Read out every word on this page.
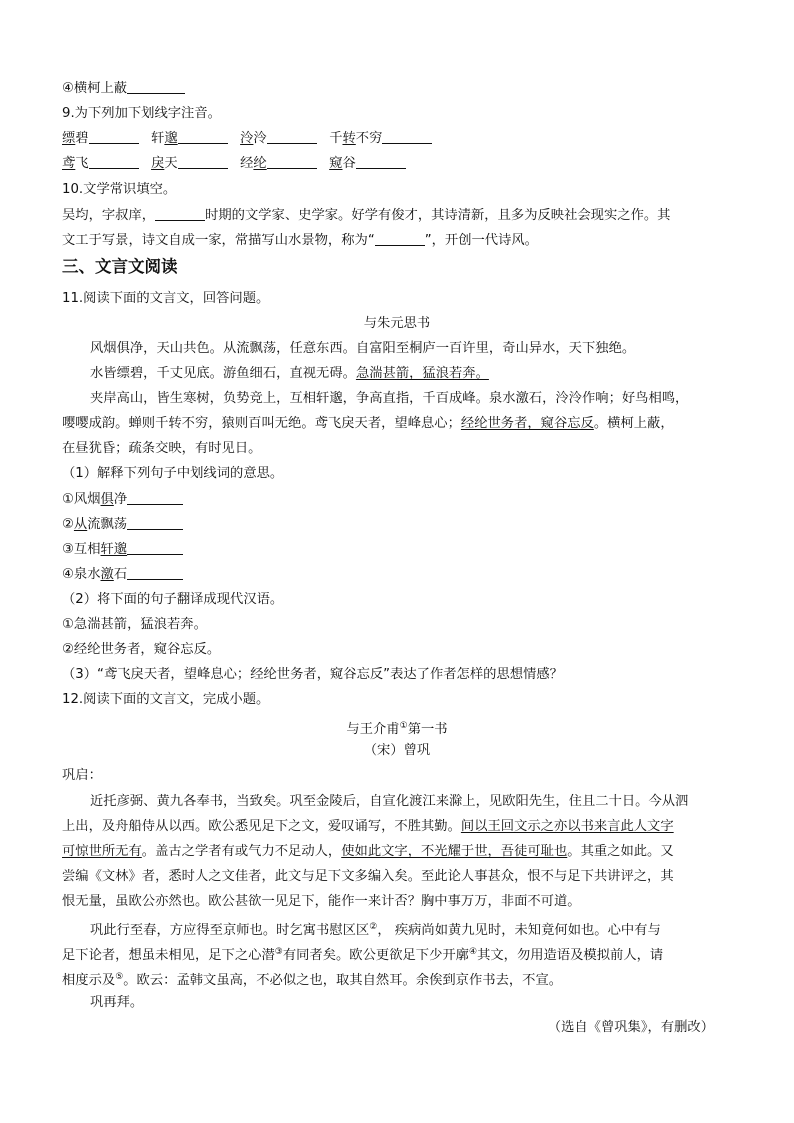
④横柯上蔽
9.为下列加下划线字注音。
缥碧	轩邈	泠泠	千转不穷
鸢飞	戾天	经纶	窥谷
10.文学常识填空。
吴均，字叔庠，	时期的文学家、史学家。好学有俊才，其诗清新，且多为反映社会现实之作。其
文工于写景，诗文自成一家，常描写山水景物，称为“	”，开创一代诗风。
三、文言文阅读
11.阅读下面的文言文，回答问题。
与朱元思书
风烟俱净，天山共色。从流飘荡，任意东西。自富阳至桐庐一百许里，奇山异水，天下独绝。
水皆缥碧，千丈见底。游鱼细石，直视无碍。急湍甚箭，猛浪若奔。
夹岸高山，皆生寒树，负势竞上，互相轩邈，争高直指，千百成峰。泉水激石，泠泠作响；好鸟相鸣，
嘤嘤成韵。蝉则千转不穷，猿则百叫无绝。鸢飞戾天者，望峰息心；经纶世务者，窥谷忘反。横柯上蔽，
在昼犹昏；疏条交映，有时见日。
（1）解释下列句子中划线词的意思。
①风烟俱净
②从流飘荡
③互相轩邈
④泉水激石
（2）将下面的句子翻译成现代汉语。
①急湍甚箭，猛浪若奔。
②经纶世务者，窥谷忘反。
（3）“鸢飞戾天者，望峰息心；经纶世务者，窥谷忘反”表达了作者怎样的思想情感？
12.阅读下面的文言文，完成小题。
与王介甫①第一书
（宋）曾巩
巩启：
近托彦弼、黄九各奉书，当致矣。巩至金陵后，自宣化渡江来滁上，见欧阳先生，住且二十日。今从泗
上出，及舟船侍从以西。欧公悉见足下之文，爱叹诵写，不胜其勤。间以王回文示之亦以书来言此人文字
可惊世所无有。盖古之学者有或气力不足动人，使如此文字，不光耀于世，吾徒可耻也。其重之如此。又
尝编《文林》者，悉时人之文佳者，此文与足下文多编入矣。至此论人事甚众，恨不与足下共讲评之，其
恨无量，虽欧公亦然也。欧公甚欲一见足下，能作一来计否？胸中事万万，非面不可道。
巩此行至春，方应得至京师也。时乞寓书慰区区②， 疾病尚如黄九见时，未知竟何如也。心中有与
足下论者，想虽未相见，足下之心潜③有同者矣。欧公更欲足下少开廓④其文，勿用造语及模拟前人，请
相度示及⑤。欧云：孟韩文虽高，不必似之也，取其自然耳。余俟到京作书去，不宣。
巩再拜。
（选自《曾巩集》，有删改）
